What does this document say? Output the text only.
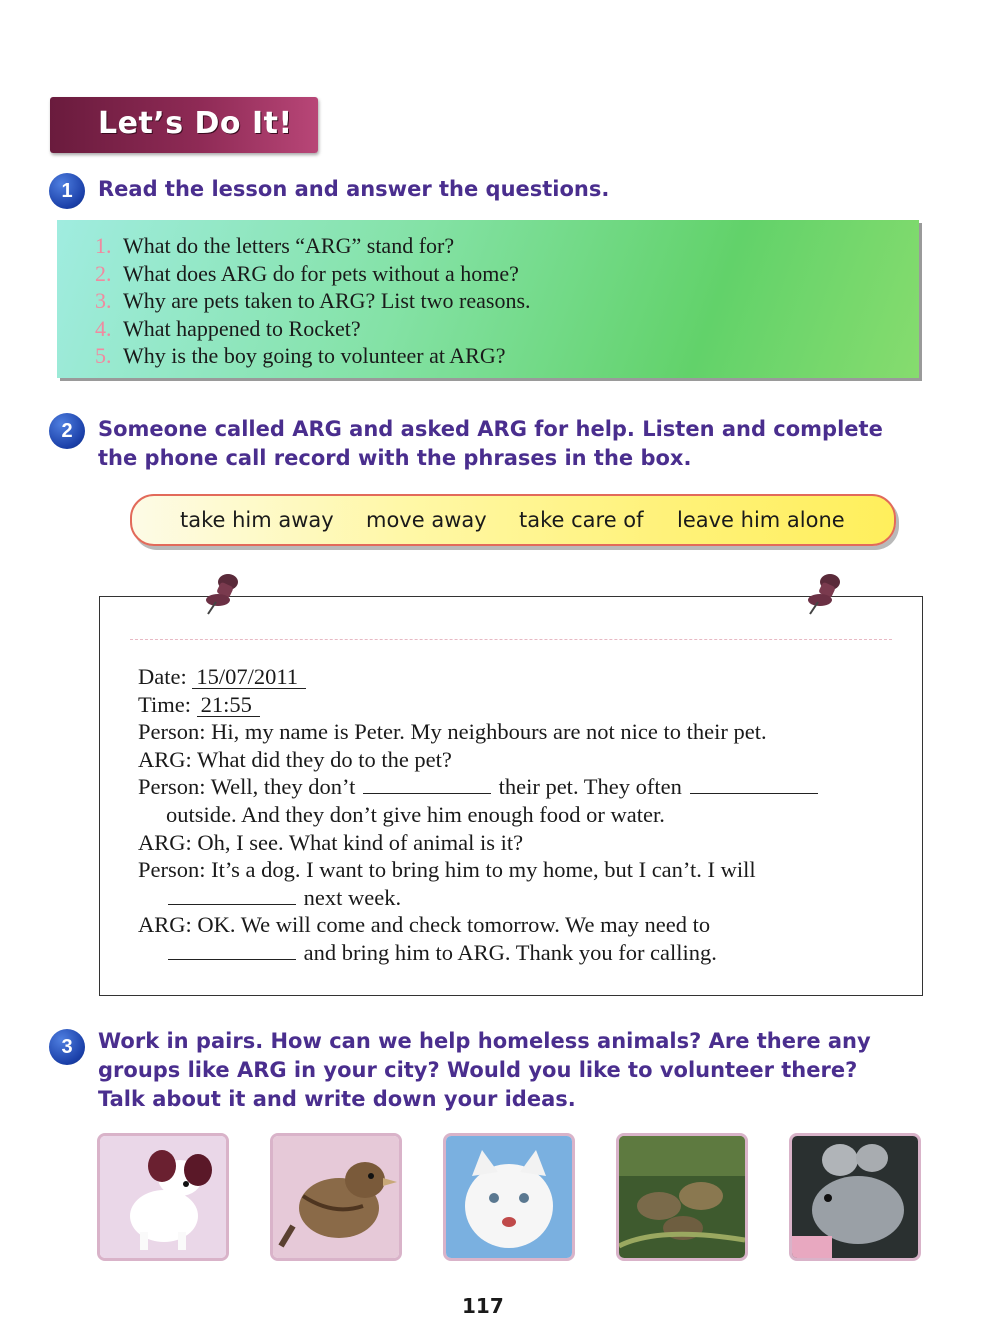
Let’s Do It!
1	Read the lesson and answer the questions.
1. What do the letters “ARG” stand for?
2. What does ARG do for pets without a home?
3. Why are pets taken to ARG? List two reasons.
4. What happened to Rocket?
5. Why is the boy going to volunteer at ARG?
2	Someone called ARG and asked ARG for help. Listen and complete
the phone call record with the phrases in the box.
take him away move away take care of leave him alone
Date: 15/07/2011
Time: 21:55
Person: Hi, my name is Peter. My neighbours are not nice to their pet.
ARG: What did they do to the pet?
Person: Well, they don’t	their pet. They often
outside. And they don’t give him enough food or water.
ARG: Oh, I see. What kind of animal is it?
Person: It’s a dog. I want to bring him to my home, but I can’t. I will
next week.
ARG: OK. We will come and check tomorrow. We may need to
and bring him to ARG. Thank you for calling.
3	Work in pairs. How can we help homeless animals? Are there any
groups like ARG in your city? Would you like to volunteer there?
Talk about it and write down your ideas.
117
